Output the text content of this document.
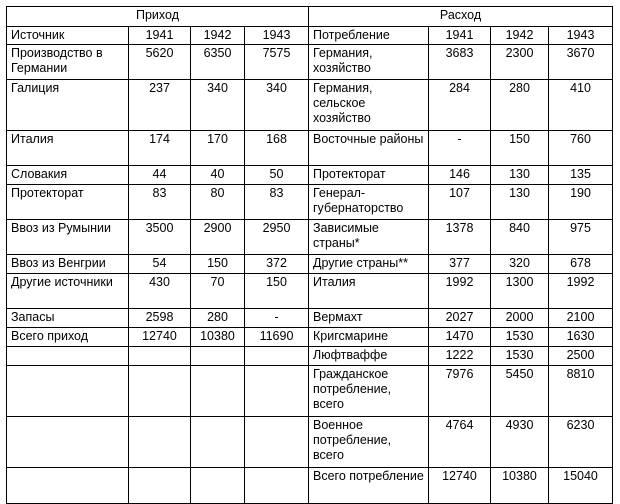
Приход				Расход			
Источник	1941	1942	1943	Потребление	1941	1942	1943
Производство в Германии	5620	6350	7575	Германия, хозяйство	3683	2300	3670
Галиция	237	340	340	Германия, сельское хозяйство	284	280	410
Италия	174	170	168	Восточные районы	-	150	760
Словакия	44	40	50	Протекторат	146	130	135
Протекторат	83	80	83	Генерал-губернаторство	107	130	190
Ввоз из Румынии	3500	2900	2950	Зависимые страны*	1378	840	975
Ввоз из Венгрии	54	150	372	Другие страны**	377	320	678
Другие источники	430	70	150	Италия	1992	1300	1992
Запасы	2598	280	-	Вермахт	2027	2000	2100
Всего приход	12740	10380	11690	Кригсмарине	1470	1530	1630
				Люфтваффе	1222	1530	2500
				Гражданское потребление, всего	7976	5450	8810
				Военное потребление, всего	4764	4930	6230
				Всего потребление	12740	10380	15040
